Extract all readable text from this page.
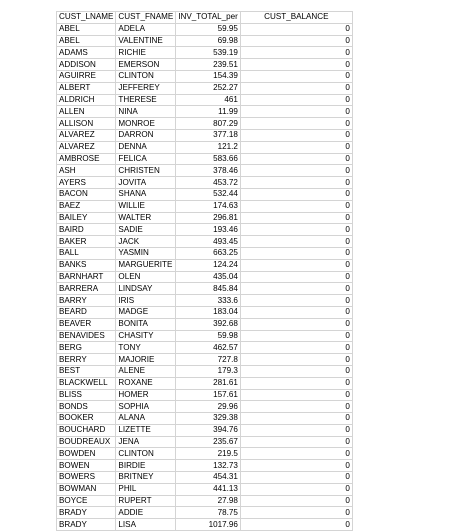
CUST_LNAME	CUST_FNAME	INV_TOTAL_per	CUST_BALANCE
ABEL	ADELA	59.95	0
ABEL	VALENTINE	69.98	0
ADAMS	RICHIE	539.19	0
ADDISON	EMERSON	239.51	0
AGUIRRE	CLINTON	154.39	0
ALBERT	JEFFEREY	252.27	0
ALDRICH	THERESE	461	0
ALLEN	NINA	11.99	0
ALLISON	MONROE	807.29	0
ALVAREZ	DARRON	377.18	0
ALVAREZ	DENNA	121.2	0
AMBROSE	FELICA	583.66	0
ASH	CHRISTEN	378.46	0
AYERS	JOVITA	453.72	0
BACON	SHANA	532.44	0
BAEZ	WILLIE	174.63	0
BAILEY	WALTER	296.81	0
BAIRD	SADIE	193.46	0
BAKER	JACK	493.45	0
BALL	YASMIN	663.25	0
BANKS	MARGUERITE	124.24	0
BARNHART	OLEN	435.04	0
BARRERA	LINDSAY	845.84	0
BARRY	IRIS	333.6	0
BEARD	MADGE	183.04	0
BEAVER	BONITA	392.68	0
BENAVIDES	CHASITY	59.98	0
BERG	TONY	462.57	0
BERRY	MAJORIE	727.8	0
BEST	ALENE	179.3	0
BLACKWELL	ROXANE	281.61	0
BLISS	HOMER	157.61	0
BONDS	SOPHIA	29.96	0
BOOKER	ALANA	329.38	0
BOUCHARD	LIZETTE	394.76	0
BOUDREAUX	JENA	235.67	0
BOWDEN	CLINTON	219.5	0
BOWEN	BIRDIE	132.73	0
BOWERS	BRITNEY	454.31	0
BOWMAN	PHIL	441.13	0
BOYCE	RUPERT	27.98	0
BRADY	ADDIE	78.75	0
BRADY	LISA	1017.96	0
